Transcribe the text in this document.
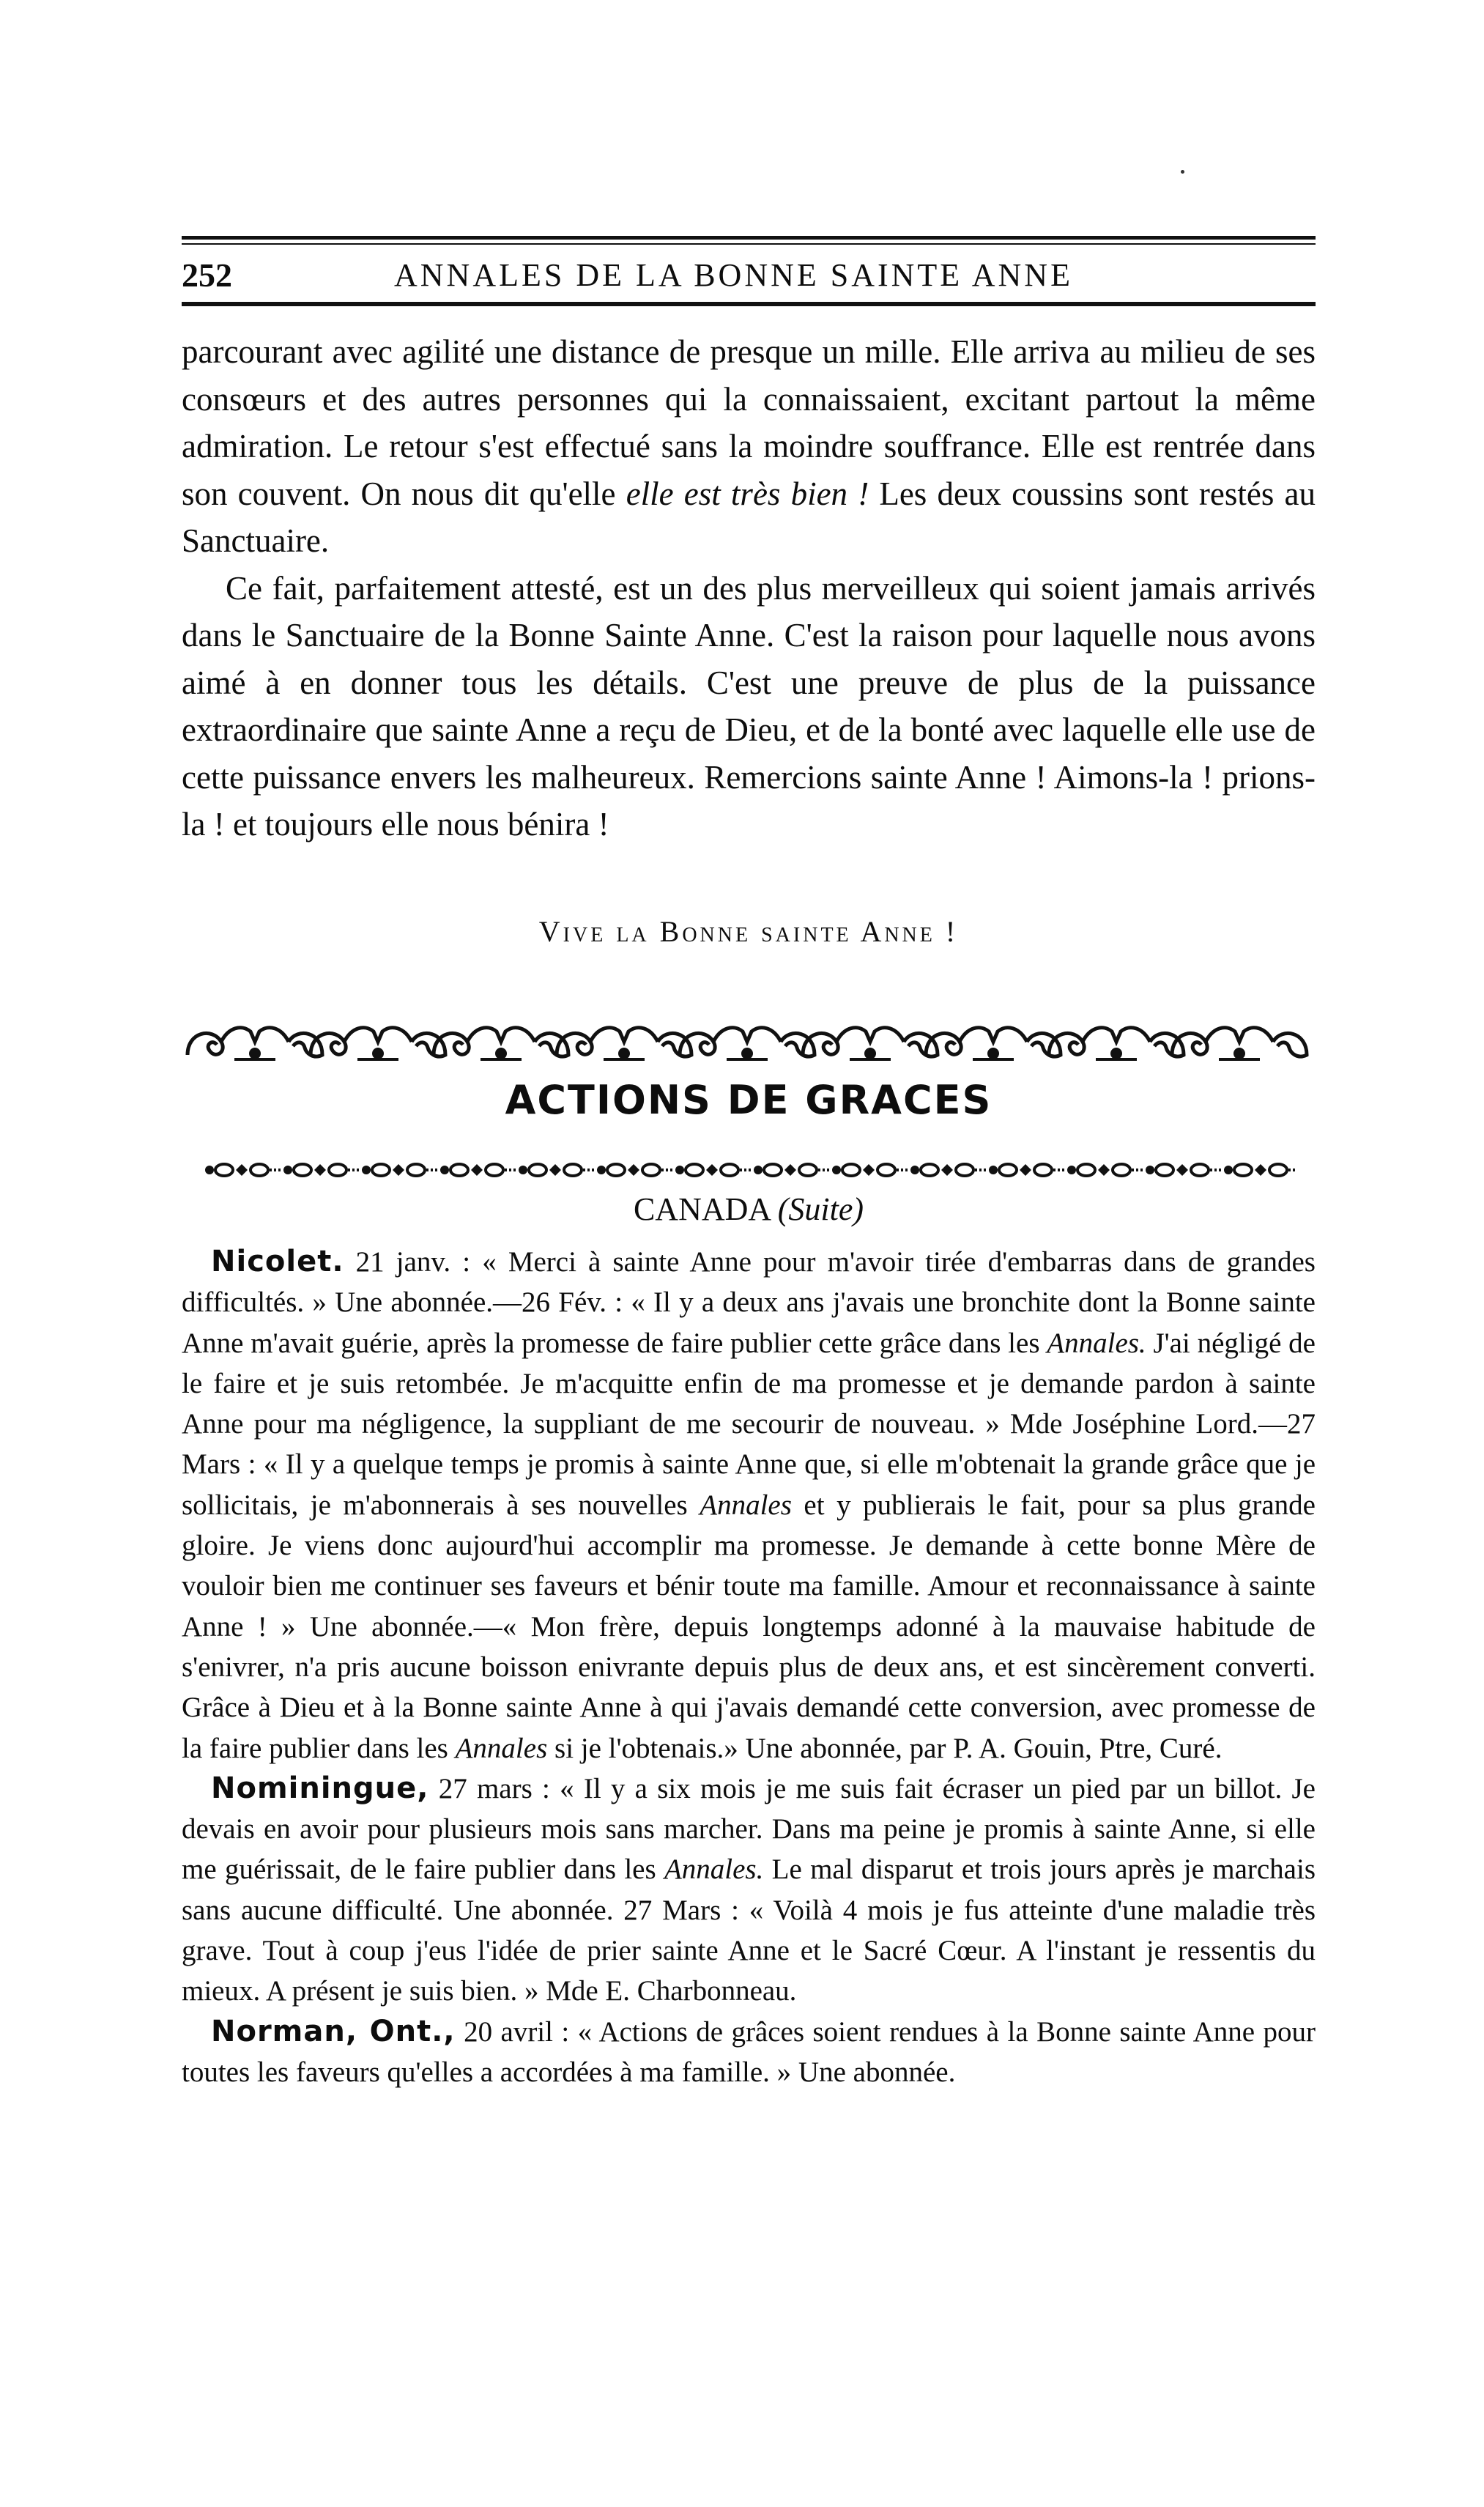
252	ANNALES DE LA BONNE SAINTE ANNE

parcourant avec agilité une distance de presque un mille. Elle arriva au milieu de ses consœurs et des autres personnes qui la connaissaient, excitant partout la même admiration. Le retour s'est effectué sans la moindre souffrance. Elle est rentrée dans son couvent. On nous dit qu'elle elle est très bien ! Les deux coussins sont restés au Sanctuaire.

Ce fait, parfaitement attesté, est un des plus merveilleux qui soient jamais arrivés dans le Sanctuaire de la Bonne Sainte Anne. C'est la raison pour laquelle nous avons aimé à en donner tous les détails. C'est une preuve de plus de la puissance extraordinaire que sainte Anne a reçu de Dieu, et de la bonté avec laquelle elle use de cette puissance envers les malheureux. Remercions sainte Anne ! Aimons-la ! prions-la ! et toujours elle nous bénira !

Vive la Bonne sainte Anne !
ACTIONS DE GRACES
CANADA (Suite)

Nicolet. 21 janv. : « Merci à sainte Anne pour m'avoir tirée d'embarras dans de grandes difficultés. » Une abonnée.—26 Fév. : « Il y a deux ans j'avais une bronchite dont la Bonne sainte Anne m'avait guérie, après la promesse de faire publier cette grâce dans les Annales. J'ai négligé de le faire et je suis retombée. Je m'acquitte enfin de ma promesse et je demande pardon à sainte Anne pour ma négligence, la suppliant de me secourir de nouveau. » Mde Joséphine Lord.—27 Mars : « Il y a quelque temps je promis à sainte Anne que, si elle m'obtenait la grande grâce que je sollicitais, je m'abonnerais à ses nouvelles Annales et y publierais le fait, pour sa plus grande gloire. Je viens donc aujourd'hui accomplir ma promesse. Je demande à cette bonne Mère de vouloir bien me continuer ses faveurs et bénir toute ma famille. Amour et reconnaissance à sainte Anne ! » Une abonnée.—« Mon frère, depuis longtemps adonné à la mauvaise habitude de s'enivrer, n'a pris aucune boisson enivrante depuis plus de deux ans, et est sincèrement converti. Grâce à Dieu et à la Bonne sainte Anne à qui j'avais demandé cette conversion, avec promesse de la faire publier dans les Annales si je l'obtenais.» Une abonnée, par P. A. Gouin, Ptre, Curé.

Nominingue, 27 mars : « Il y a six mois je me suis fait écraser un pied par un billot. Je devais en avoir pour plusieurs mois sans marcher. Dans ma peine je promis à sainte Anne, si elle me guérissait, de le faire publier dans les Annales. Le mal disparut et trois jours après je marchais sans aucune difficulté. Une abonnée. 27 Mars : « Voilà 4 mois je fus atteinte d'une maladie très grave. Tout à coup j'eus l'idée de prier sainte Anne et le Sacré Cœur. A l'instant je ressentis du mieux. A présent je suis bien. » Mde E. Charbonneau.

Norman, Ont., 20 avril : « Actions de grâces soient rendues à la Bonne sainte Anne pour toutes les faveurs qu'elles a accordées à ma famille. » Une abonnée.
